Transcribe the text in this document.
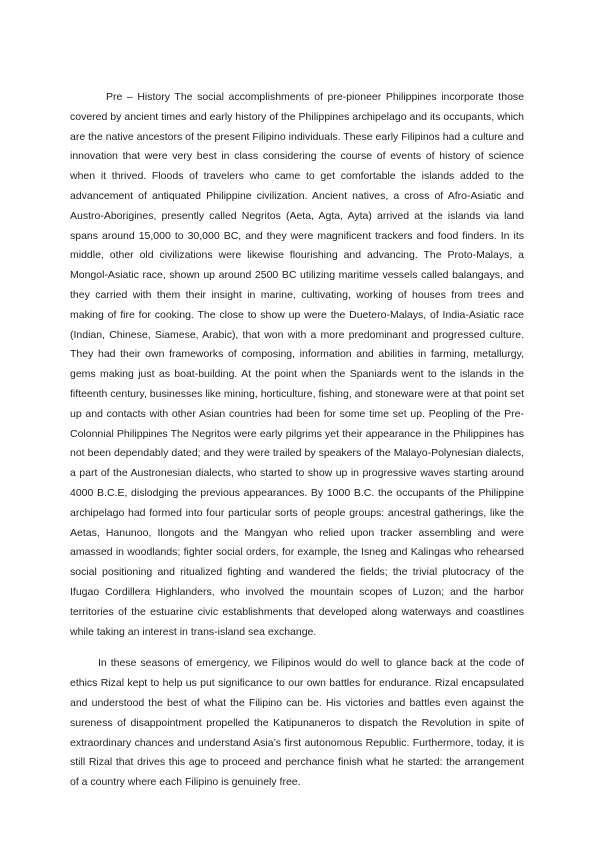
Pre – History The social accomplishments of pre-pioneer Philippines incorporate those covered by ancient times and early history of the Philippines archipelago and its occupants, which are the native ancestors of the present Filipino individuals. These early Filipinos had a culture and innovation that were very best in class considering the course of events of history of science when it thrived. Floods of travelers who came to get comfortable the islands added to the advancement of antiquated Philippine civilization. Ancient natives, a cross of Afro-Asiatic and Austro-Aborigines, presently called Negritos (Aeta, Agta, Ayta) arrived at the islands via land spans around 15,000 to 30,000 BC, and they were magnificent trackers and food finders. In its middle, other old civilizations were likewise flourishing and advancing. The Proto-Malays, a Mongol-Asiatic race, shown up around 2500 BC utilizing maritime vessels called balangays, and they carried with them their insight in marine, cultivating, working of houses from trees and making of fire for cooking. The close to show up were the Duetero-Malays, of India-Asiatic race (Indian, Chinese, Siamese, Arabic), that won with a more predominant and progressed culture. They had their own frameworks of composing, information and abilities in farming, metallurgy, gems making just as boat-building. At the point when the Spaniards went to the islands in the fifteenth century, businesses like mining, horticulture, fishing, and stoneware were at that point set up and contacts with other Asian countries had been for some time set up. Peopling of the Pre-Colonnial Philippines The Negritos were early pilgrims yet their appearance in the Philippines has not been dependably dated; and they were trailed by speakers of the Malayo-Polynesian dialects, a part of the Austronesian dialects, who started to show up in progressive waves starting around 4000 B.C.E, dislodging the previous appearances. By 1000 B.C. the occupants of the Philippine archipelago had formed into four particular sorts of people groups: ancestral gatherings, like the Aetas, Hanunoo, Ilongots and the Mangyan who relied upon tracker assembling and were amassed in woodlands; fighter social orders, for example, the Isneg and Kalingas who rehearsed social positioning and ritualized fighting and wandered the fields; the trivial plutocracy of the Ifugao Cordillera Highlanders, who involved the mountain scopes of Luzon; and the harbor territories of the estuarine civic establishments that developed along waterways and coastlines while taking an interest in trans-island sea exchange.

In these seasons of emergency, we Filipinos would do well to glance back at the code of ethics Rizal kept to help us put significance to our own battles for endurance. Rizal encapsulated and understood the best of what the Filipino can be. His victories and battles even against the sureness of disappointment propelled the Katipunaneros to dispatch the Revolution in spite of extraordinary chances and understand Asia’s first autonomous Republic. Furthermore, today, it is still Rizal that drives this age to proceed and perchance finish what he started: the arrangement of a country where each Filipino is genuinely free.
